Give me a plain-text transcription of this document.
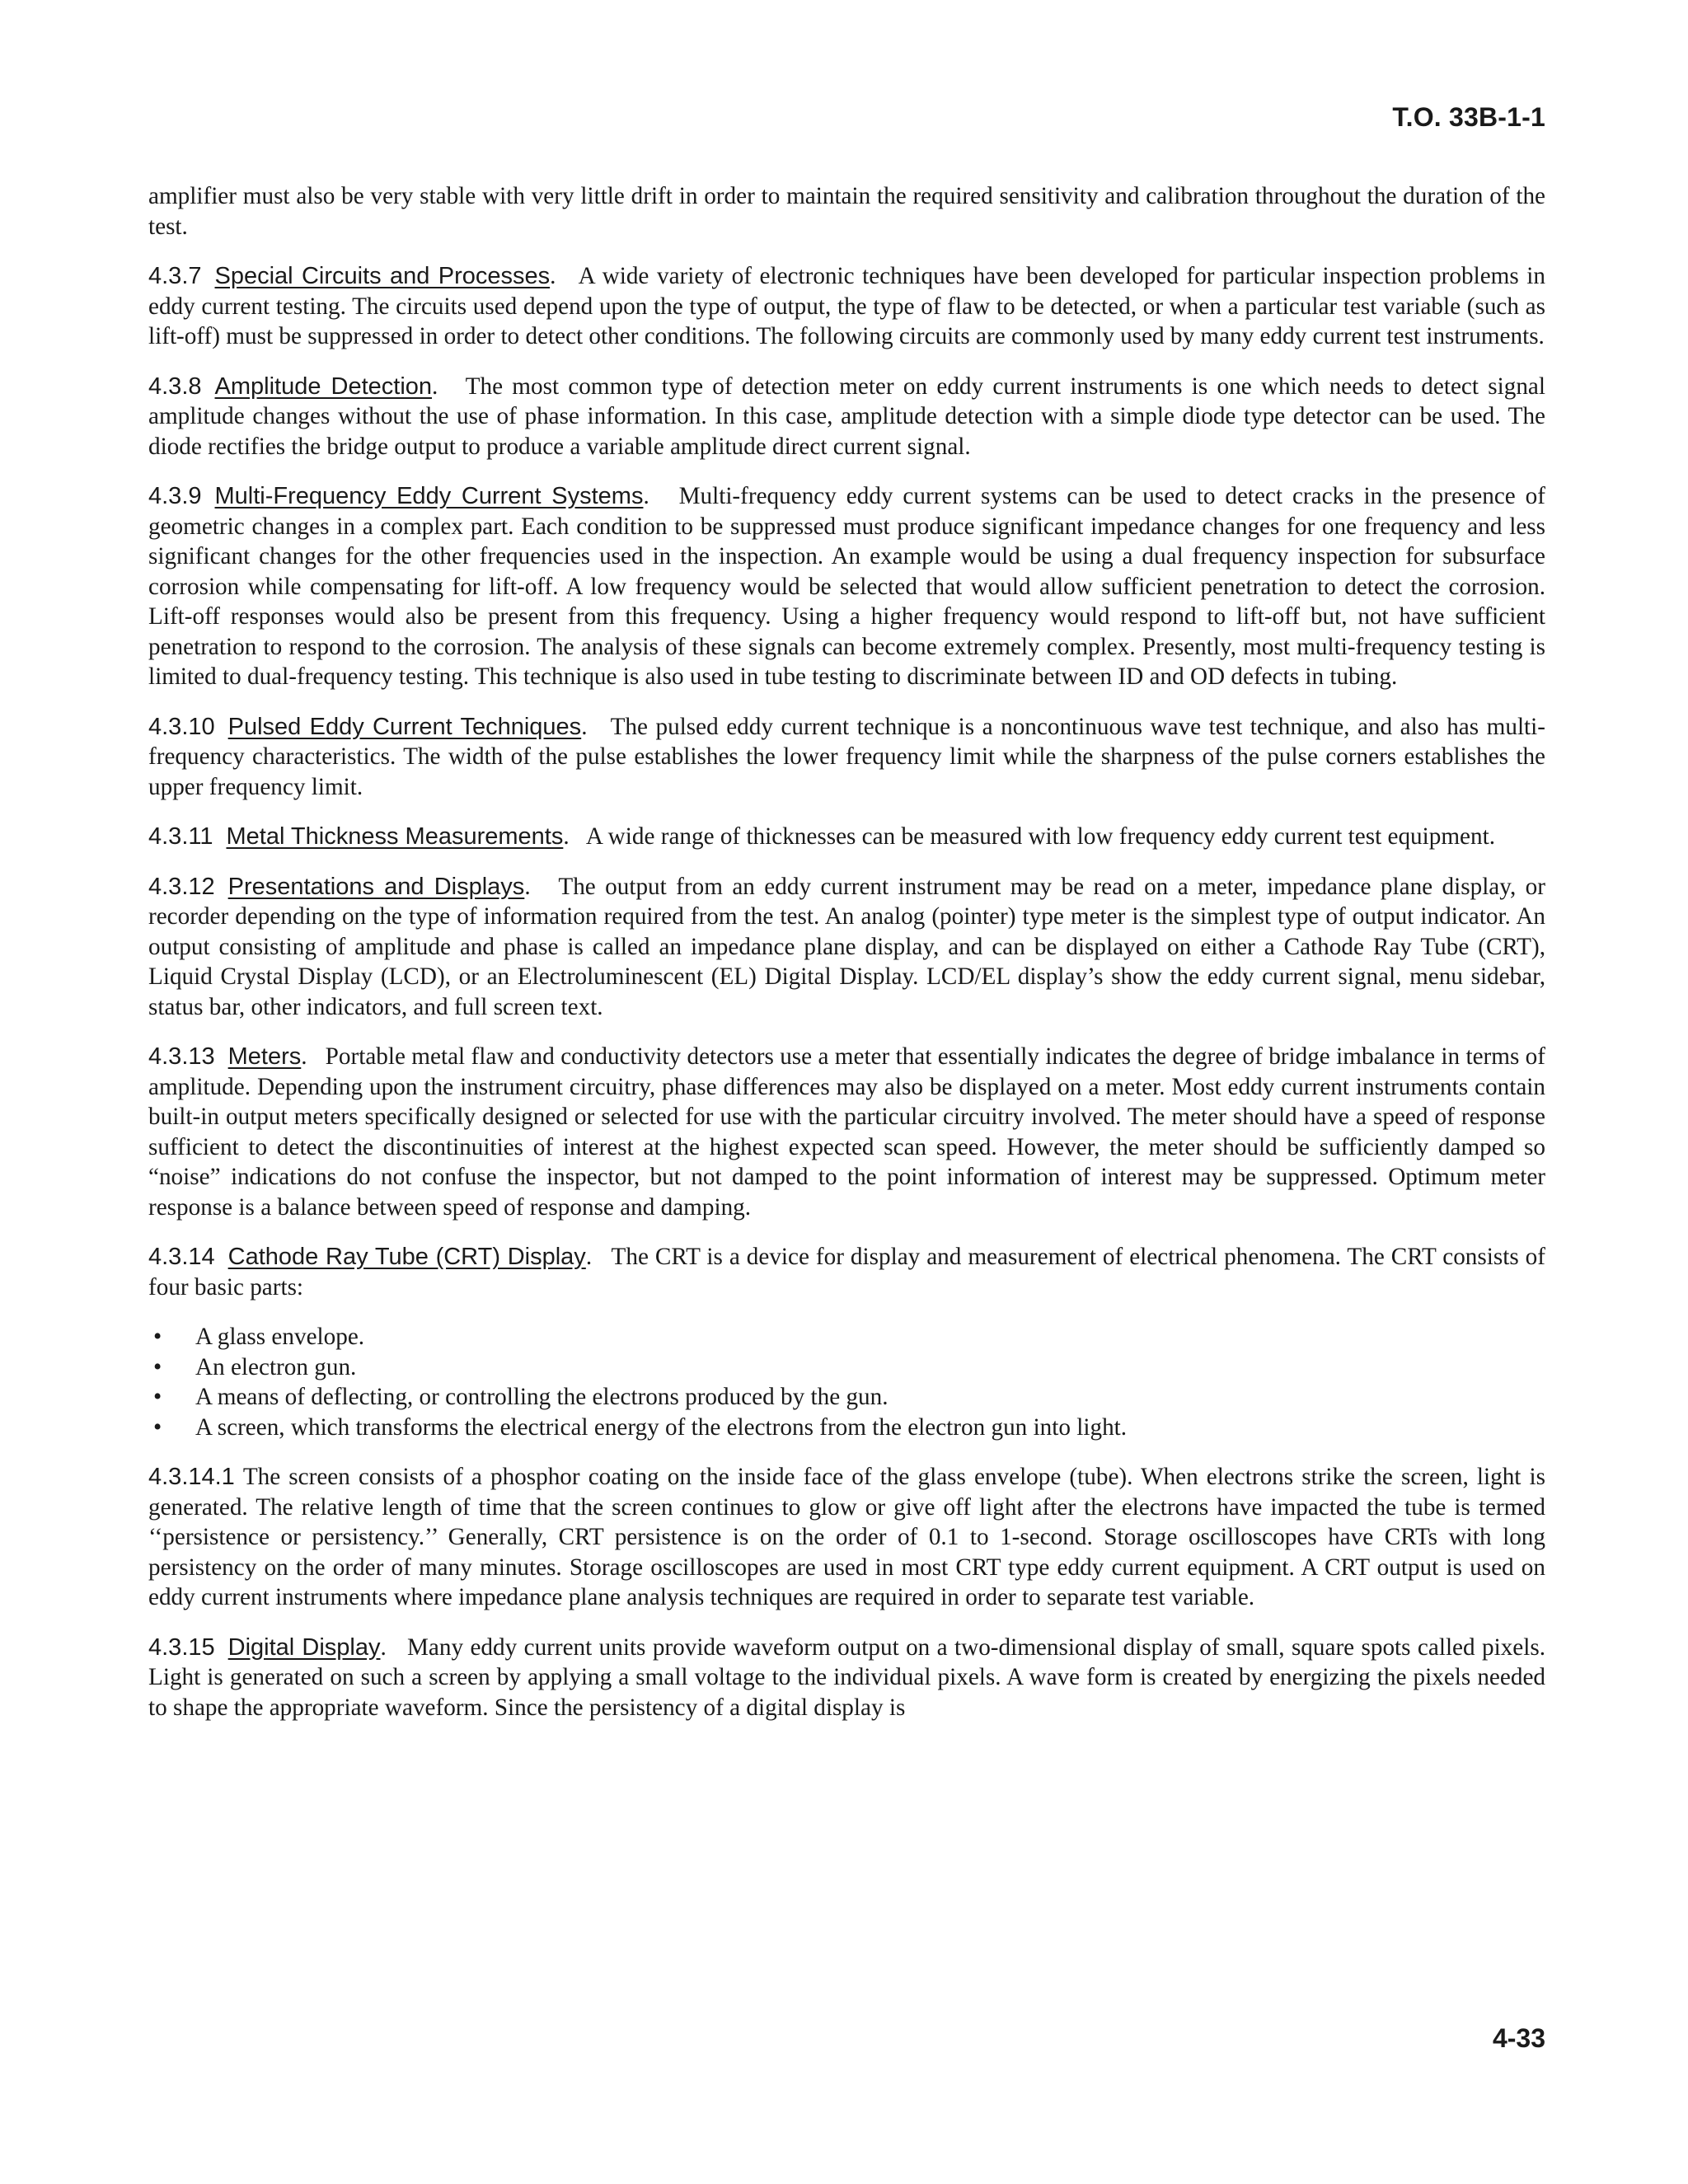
T.O. 33B-1-1

amplifier must also be very stable with very little drift in order to maintain the required sensitivity and calibration throughout the duration of the test.

4.3.7 Special Circuits and Processes. A wide variety of electronic techniques have been developed for particular inspection problems in eddy current testing. The circuits used depend upon the type of output, the type of flaw to be detected, or when a particular test variable (such as lift-off) must be suppressed in order to detect other conditions. The following circuits are commonly used by many eddy current test instruments.

4.3.8 Amplitude Detection. The most common type of detection meter on eddy current instruments is one which needs to detect signal amplitude changes without the use of phase information. In this case, amplitude detection with a simple diode type detector can be used. The diode rectifies the bridge output to produce a variable amplitude direct current signal.

4.3.9 Multi-Frequency Eddy Current Systems. Multi-frequency eddy current systems can be used to detect cracks in the presence of geometric changes in a complex part. Each condition to be suppressed must produce significant impedance changes for one frequency and less significant changes for the other frequencies used in the inspection. An example would be using a dual frequency inspection for subsurface corrosion while compensating for lift-off. A low frequency would be selected that would allow sufficient penetration to detect the corrosion. Lift-off responses would also be present from this frequency. Using a higher frequency would respond to lift-off but, not have sufficient penetration to respond to the corrosion. The analysis of these signals can become extremely complex. Presently, most multi-frequency testing is limited to dual-frequency testing. This technique is also used in tube testing to discriminate between ID and OD defects in tubing.

4.3.10 Pulsed Eddy Current Techniques. The pulsed eddy current technique is a noncontinuous wave test technique, and also has multi-frequency characteristics. The width of the pulse establishes the lower frequency limit while the sharpness of the pulse corners establishes the upper frequency limit.

4.3.11 Metal Thickness Measurements. A wide range of thicknesses can be measured with low frequency eddy current test equipment.

4.3.12 Presentations and Displays. The output from an eddy current instrument may be read on a meter, impedance plane display, or recorder depending on the type of information required from the test. An analog (pointer) type meter is the simplest type of output indicator. An output consisting of amplitude and phase is called an impedance plane display, and can be displayed on either a Cathode Ray Tube (CRT), Liquid Crystal Display (LCD), or an Electroluminescent (EL) Digital Display. LCD/EL display’s show the eddy current signal, menu sidebar, status bar, other indicators, and full screen text.

4.3.13 Meters. Portable metal flaw and conductivity detectors use a meter that essentially indicates the degree of bridge imbalance in terms of amplitude. Depending upon the instrument circuitry, phase differences may also be displayed on a meter. Most eddy current instruments contain built-in output meters specifically designed or selected for use with the particular circuitry involved. The meter should have a speed of response sufficient to detect the discontinuities of interest at the highest expected scan speed. However, the meter should be sufficiently damped so “noise” indications do not confuse the inspector, but not damped to the point information of interest may be suppressed. Optimum meter response is a balance between speed of response and damping.

4.3.14 Cathode Ray Tube (CRT) Display. The CRT is a device for display and measurement of electrical phenomena. The CRT consists of four basic parts:

• A glass envelope.
• An electron gun.
• A means of deflecting, or controlling the electrons produced by the gun.
• A screen, which transforms the electrical energy of the electrons from the electron gun into light.

4.3.14.1 The screen consists of a phosphor coating on the inside face of the glass envelope (tube). When electrons strike the screen, light is generated. The relative length of time that the screen continues to glow or give off light after the electrons have impacted the tube is termed ‘‘persistence or persistency.’’ Generally, CRT persistence is on the order of 0.1 to 1-second. Storage oscilloscopes have CRTs with long persistency on the order of many minutes. Storage oscilloscopes are used in most CRT type eddy current equipment. A CRT output is used on eddy current instruments where impedance plane analysis techniques are required in order to separate test variable.

4.3.15 Digital Display. Many eddy current units provide waveform output on a two-dimensional display of small, square spots called pixels. Light is generated on such a screen by applying a small voltage to the individual pixels. A wave form is created by energizing the pixels needed to shape the appropriate waveform. Since the persistency of a digital display is

4-33
